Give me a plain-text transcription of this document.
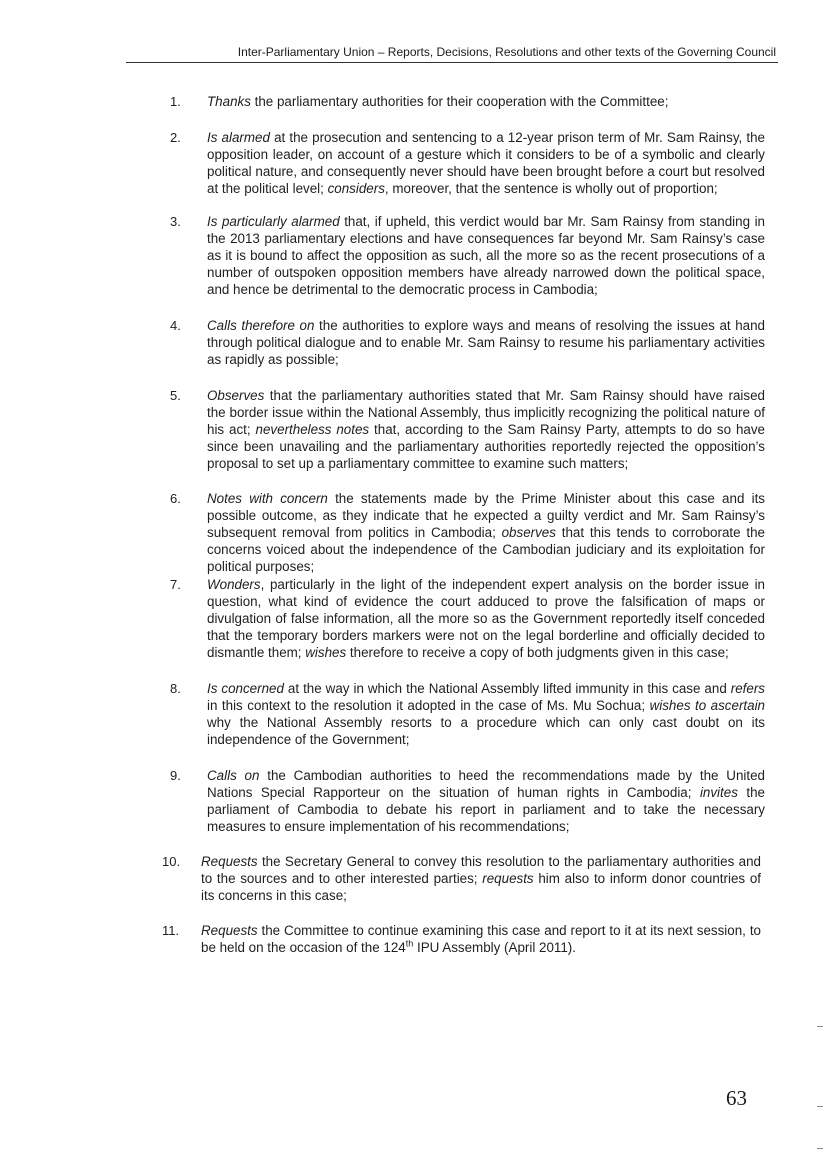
Inter-Parliamentary Union – Reports, Decisions, Resolutions and other texts of the Governing Council
1.	Thanks the parliamentary authorities for their cooperation with the Committee;

2.	Is alarmed at the prosecution and sentencing to a 12-year prison term of Mr. Sam Rainsy, the opposition leader, on account of a gesture which it considers to be of a symbolic and clearly political nature, and consequently never should have been brought before a court but resolved at the political level; considers, moreover, that the sentence is wholly out of proportion;

3.	Is particularly alarmed that, if upheld, this verdict would bar Mr. Sam Rainsy from standing in the 2013 parliamentary elections and have consequences far beyond Mr. Sam Rainsy’s case as it is bound to affect the opposition as such, all the more so as the recent prosecutions of a number of outspoken opposition members have already narrowed down the political space, and hence be detrimental to the democratic process in Cambodia;

4.	Calls therefore on the authorities to explore ways and means of resolving the issues at hand through political dialogue and to enable Mr. Sam Rainsy to resume his parliamentary activities as rapidly as possible;

5.	Observes that the parliamentary authorities stated that Mr. Sam Rainsy should have raised the border issue within the National Assembly, thus implicitly recognizing the political nature of his act; nevertheless notes that, according to the Sam Rainsy Party, attempts to do so have since been unavailing and the parliamentary authorities reportedly rejected the opposition’s proposal to set up a parliamentary committee to examine such matters;

6.	Notes with concern the statements made by the Prime Minister about this case and its possible outcome, as they indicate that he expected a guilty verdict and Mr. Sam Rainsy’s subsequent removal from politics in Cambodia; observes that this tends to corroborate the concerns voiced about the independence of the Cambodian judiciary and its exploitation for political purposes;

7.	Wonders, particularly in the light of the independent expert analysis on the border issue in question, what kind of evidence the court adduced to prove the falsification of maps or divulgation of false information, all the more so as the Government reportedly itself conceded that the temporary borders markers were not on the legal borderline and officially decided to dismantle them; wishes therefore to receive a copy of both judgments given in this case;

8.	Is concerned at the way in which the National Assembly lifted immunity in this case and refers in this context to the resolution it adopted in the case of Ms. Mu Sochua; wishes to ascertain why the National Assembly resorts to a procedure which can only cast doubt on its independence of the Government;

9.	Calls on the Cambodian authorities to heed the recommendations made by the United Nations Special Rapporteur on the situation of human rights in Cambodia; invites the parliament of Cambodia to debate his report in parliament and to take the necessary measures to ensure implementation of his recommendations;

10.	Requests the Secretary General to convey this resolution to the parliamentary authorities and to the sources and to other interested parties; requests him also to inform donor countries of its concerns in this case;

11.	Requests the Committee to continue examining this case and report to it at its next session, to be held on the occasion of the 124th IPU Assembly (April 2011).

63
